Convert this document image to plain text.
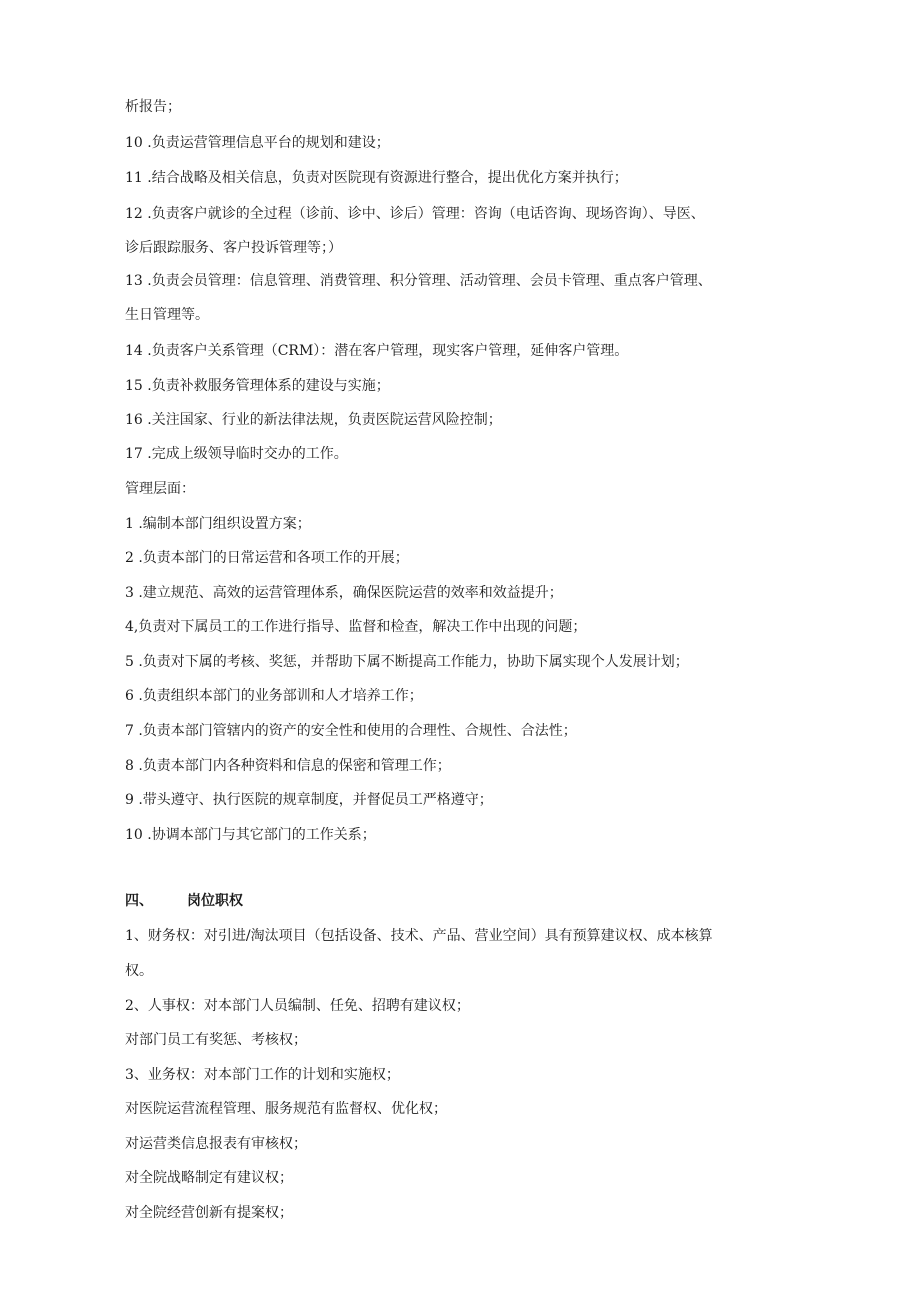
析报告；
10 .负责运营管理信息平台的规划和建设；
11 .结合战略及相关信息，负责对医院现有资源进行整合，提出优化方案并执行；
12 .负责客户就诊的全过程（诊前、诊中、诊后）管理：咨询（电话咨询、现场咨询）、导医、
诊后跟踪服务、客户投诉管理等；）
13 .负责会员管理：信息管理、消费管理、积分管理、活动管理、会员卡管理、重点客户管理、
生日管理等。
14 .负责客户关系管理（CRM）：潜在客户管理，现实客户管理，延伸客户管理。
15 .负责补救服务管理体系的建设与实施；
16 .关注国家、行业的新法律法规，负责医院运营风险控制；
17 .完成上级领导临时交办的工作。
管理层面：
1 .编制本部门组织设置方案；
2 .负责本部门的日常运营和各项工作的开展；
3 .建立规范、高效的运营管理体系，确保医院运营的效率和效益提升；
4,负责对下属员工的工作进行指导、监督和检查，解决工作中出现的问题；
5 .负责对下属的考核、奖惩，并帮助下属不断提高工作能力，协助下属实现个人发展计划；
6 .负责组织本部门的业务部训和人才培养工作；
7 .负责本部门管辖内的资产的安全性和使用的合理性、合规性、合法性；
8 .负责本部门内各种资料和信息的保密和管理工作；
9 .带头遵守、执行医院的规章制度，并督促员工严格遵守；
10 .协调本部门与其它部门的工作关系；
四、 岗位职权
1、财务权：对引进/淘汰项目（包括设备、技术、产品、营业空间）具有预算建议权、成本核算
权。
2、人事权：对本部门人员编制、任免、招聘有建议权；
对部门员工有奖惩、考核权；
3、业务权：对本部门工作的计划和实施权；
对医院运营流程管理、服务规范有监督权、优化权；
对运营类信息报表有审核权；
对全院战略制定有建议权；
对全院经营创新有提案权；
